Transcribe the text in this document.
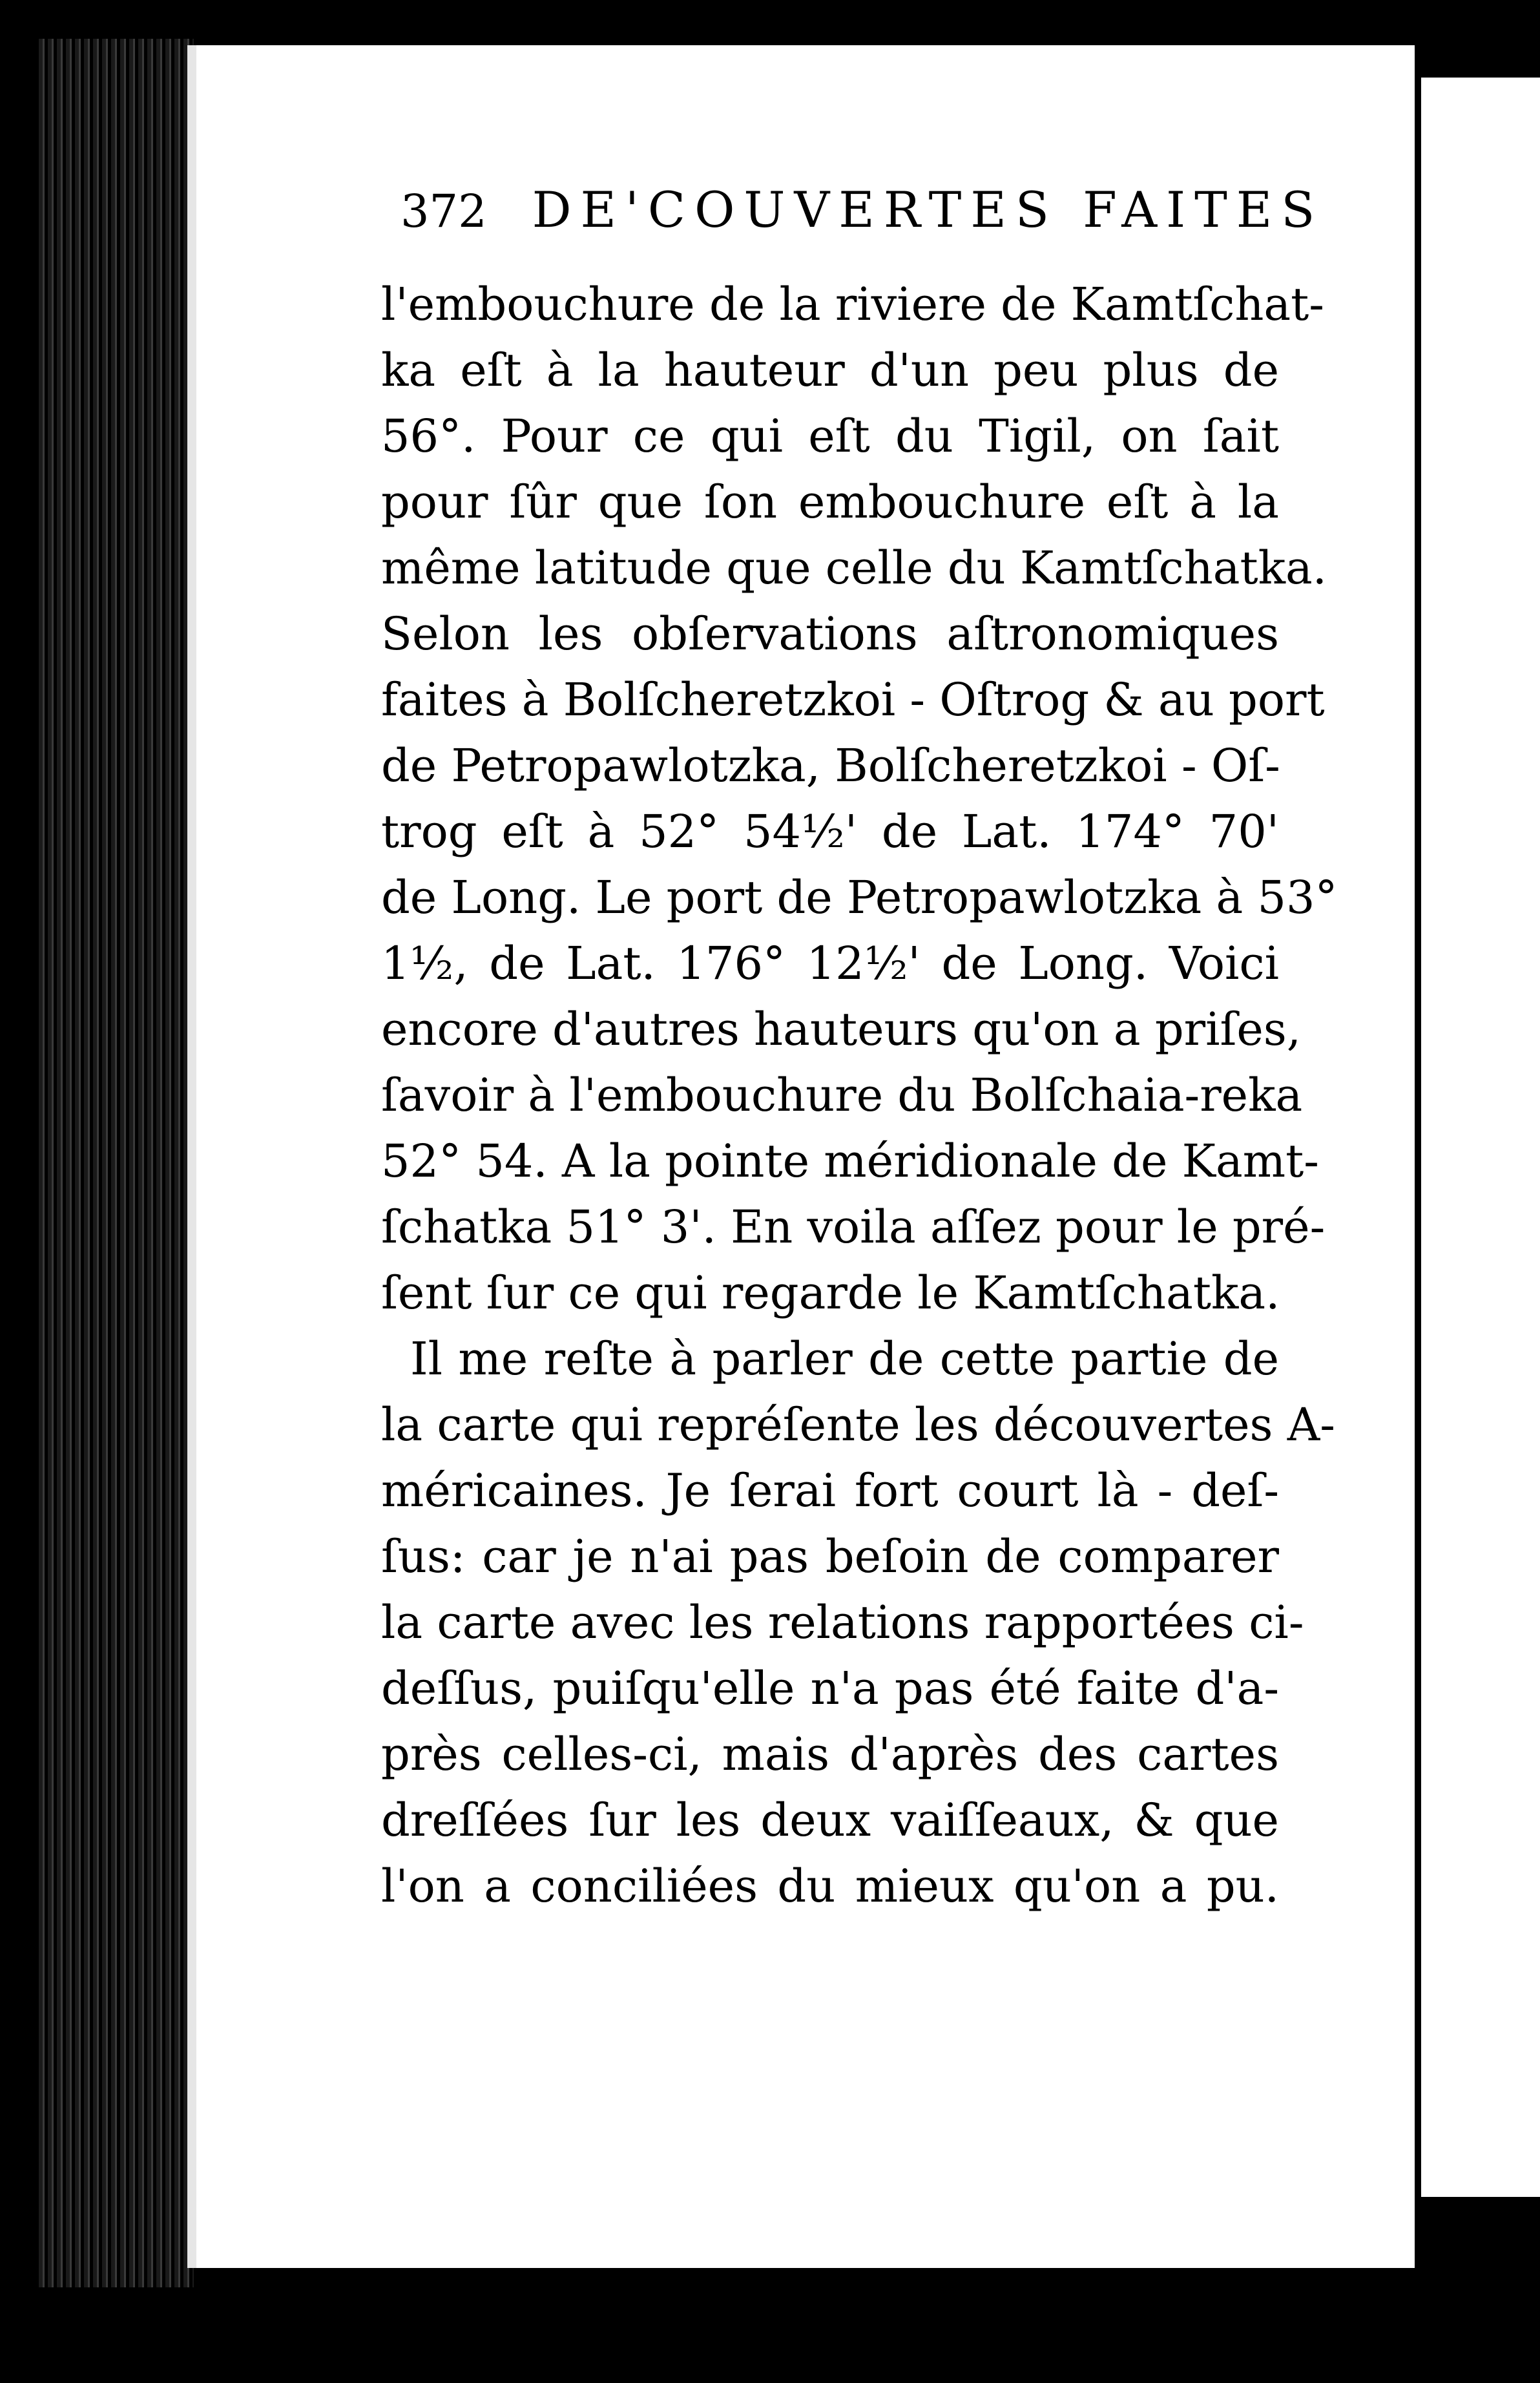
372 DE'COUVERTES FAITES
l'embouchure de la riviere de Kamtſchat-
ka eſt à la hauteur d'un peu plus de
56°. Pour ce qui eſt du Tigil, on ſait
pour ſûr que ſon embouchure eſt à la
même latitude que celle du Kamtſchatka.
Selon les obſervations aſtronomiques
faites à Bolſcheretzkoi - Oſtrog & au port
de Petropawlotzka, Bolſcheretzkoi - Oſ-
trog eſt à 52° 54½' de Lat. 174° 70'
de Long. Le port de Petropawlotzka à 53°
1½, de Lat. 176° 12½' de Long. Voici
encore d'autres hauteurs qu'on a priſes,
ſavoir à l'embouchure du Bolſchaia-reka
52° 54. A la pointe méridionale de Kamt-
ſchatka 51° 3'. En voila aſſez pour le pré-
ſent ſur ce qui regarde le Kamtſchatka.
Il me reſte à parler de cette partie de
la carte qui repréſente les découvertes A-
méricaines. Je ſerai fort court là - deſ-
ſus: car je n'ai pas beſoin de comparer
la carte avec les relations rapportées ci-
deſſus, puiſqu'elle n'a pas été faite d'a-
près celles-ci, mais d'après des cartes
dreſſées ſur les deux vaiſſeaux, & que
l'on a conciliées du mieux qu'on a pu.
